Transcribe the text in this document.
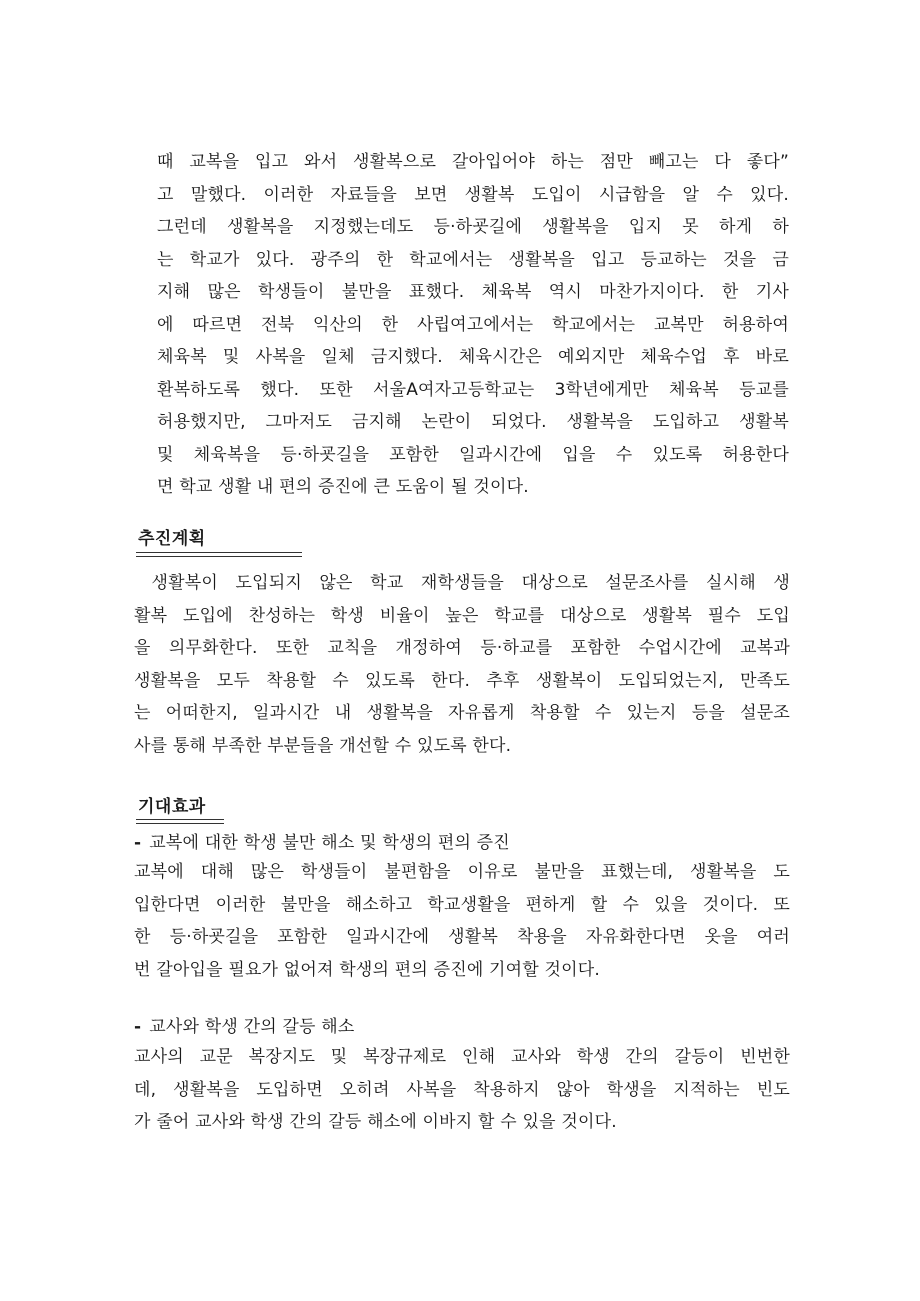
때 교복을 입고 와서 생활복으로 갈아입어야 하는 점만 빼고는 다 좋다”
고 말했다. 이러한 자료들을 보면 생활복 도입이 시급함을 알 수 있다.
그런데 생활복을 지정했는데도 등·하굣길에 생활복을 입지 못 하게 하
는 학교가 있다. 광주의 한 학교에서는 생활복을 입고 등교하는 것을 금
지해 많은 학생들이 불만을 표했다. 체육복 역시 마찬가지이다. 한 기사
에 따르면 전북 익산의 한 사립여고에서는 학교에서는 교복만 허용하여
체육복 및 사복을 일체 금지했다. 체육시간은 예외지만 체육수업 후 바로
환복하도록 했다. 또한 서울A여자고등학교는 3학년에게만 체육복 등교를
허용했지만, 그마저도 금지해 논란이 되었다. 생활복을 도입하고 생활복
및 체육복을 등·하굣길을 포함한 일과시간에 입을 수 있도록 허용한다
면 학교 생활 내 편의 증진에 큰 도움이 될 것이다.
추진계획
생활복이 도입되지 않은 학교 재학생들을 대상으로 설문조사를 실시해 생
활복 도입에 찬성하는 학생 비율이 높은 학교를 대상으로 생활복 필수 도입
을 의무화한다. 또한 교칙을 개정하여 등·하교를 포함한 수업시간에 교복과
생활복을 모두 착용할 수 있도록 한다. 추후 생활복이 도입되었는지, 만족도
는 어떠한지, 일과시간 내 생활복을 자유롭게 착용할 수 있는지 등을 설문조
사를 통해 부족한 부분들을 개선할 수 있도록 한다.
기대효과

- 교복에 대한 학생 불만 해소 및 학생의 편의 증진

교복에 대해 많은 학생들이 불편함을 이유로 불만을 표했는데, 생활복을 도
입한다면 이러한 불만을 해소하고 학교생활을 편하게 할 수 있을 것이다. 또
한 등·하굣길을 포함한 일과시간에 생활복 착용을 자유화한다면 옷을 여러
번 갈아입을 필요가 없어져 학생의 편의 증진에 기여할 것이다.

- 교사와 학생 간의 갈등 해소

교사의 교문 복장지도 및 복장규제로 인해 교사와 학생 간의 갈등이 빈번한
데, 생활복을 도입하면 오히려 사복을 착용하지 않아 학생을 지적하는 빈도
가 줄어 교사와 학생 간의 갈등 해소에 이바지 할 수 있을 것이다.
